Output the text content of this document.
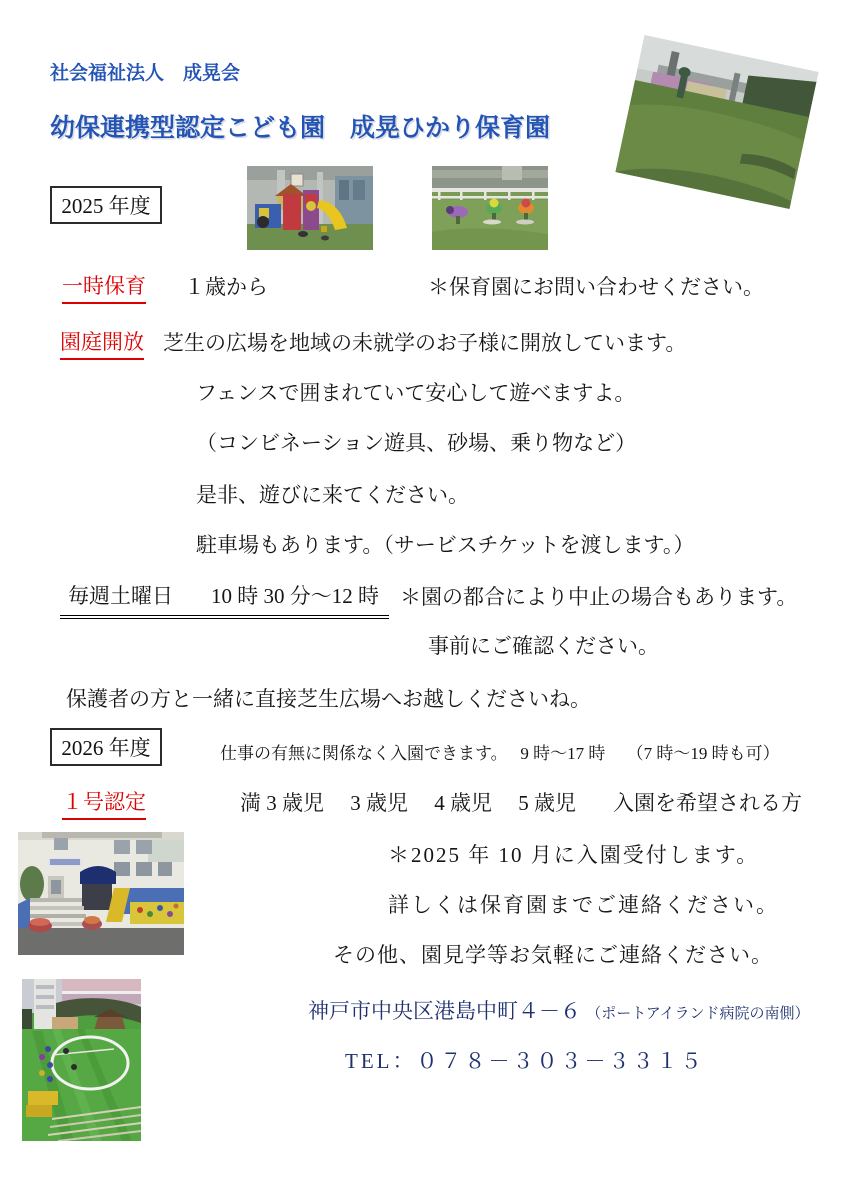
社会福祉法人　成晃会
幼保連携型認定こども園　成晃ひかり保育園
2025 年度
一時保育 １歳から	＊保育園にお問い合わせください。
園庭開放 芝生の広場を地域の未就学のお子様に開放しています。
フェンスで囲まれていて安心して遊べますよ。
（コンビネーション遊具、砂場、乗り物など）
是非、遊びに来てください。
駐車場もあります。（サービスチケットを渡します。）
毎週土曜日 10 時 30 分～12 時	＊園の都合により中止の場合もあります。
事前にご確認ください。
保護者の方と一緒に直接芝生広場へお越しくださいね。
2026 年度	仕事の有無に関係なく入園できます。　 9 時～17 時　 （7 時～19 時も可）
１号認定	満 3 歳児　 3 歳児　 4 歳児　 5 歳児 入園を希望される方
＊2025 年 10 月に入園受付します。
詳しくは保育園までご連絡ください。
その他、園見学等お気軽にご連絡ください。
神戸市中央区港島中町４－６ （ポートアイランド病院の南側）
TEL：０７８－３０３－３３１５
